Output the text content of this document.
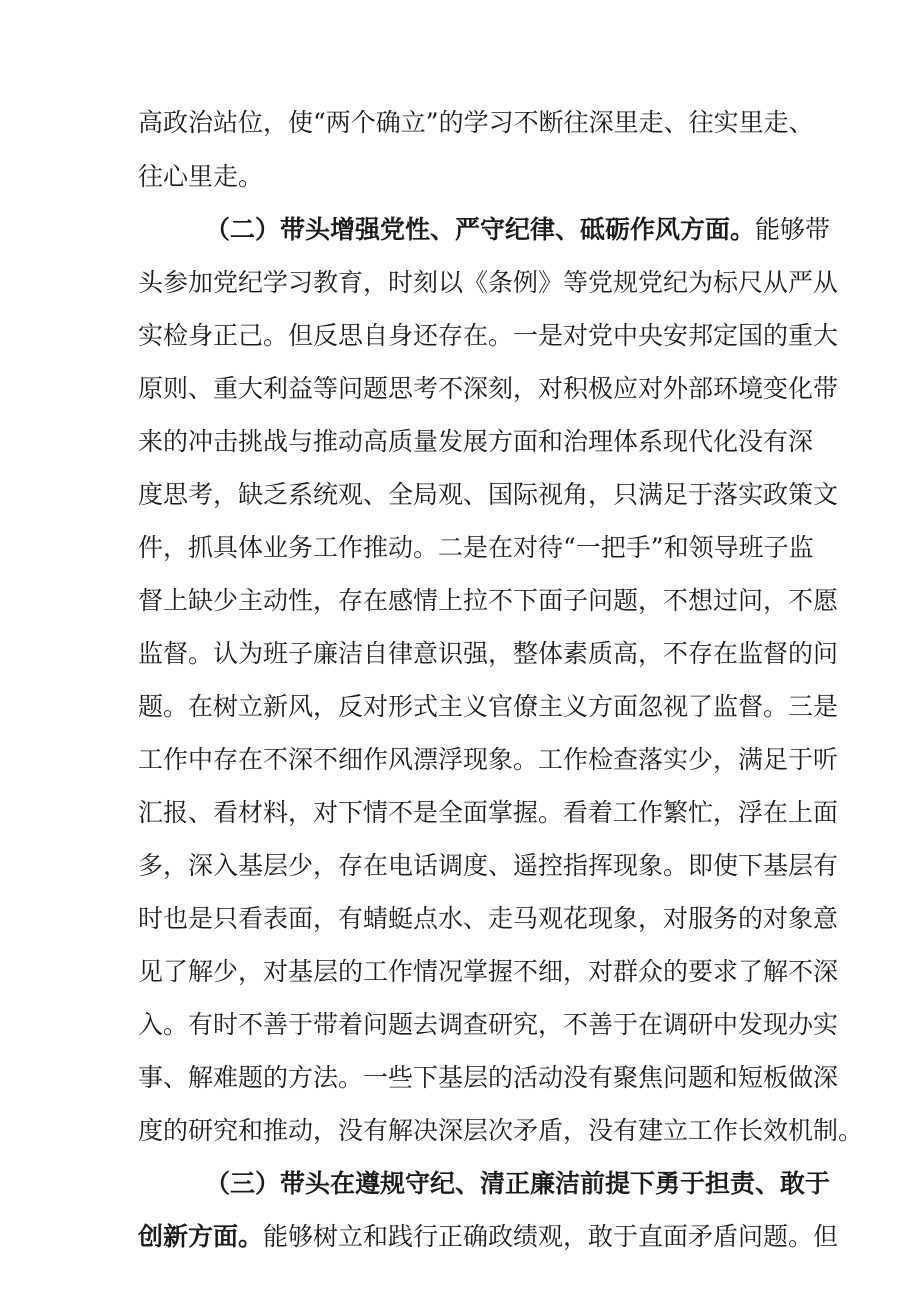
高政治站位，使“两个确立”的学习不断往深里走、往实里走、
往心里走。
（二）带头增强党性、严守纪律、砥砺作风方面。能够带
头参加党纪学习教育，时刻以《条例》等党规党纪为标尺从严从
实检身正己。但反思自身还存在。一是对党中央安邦定国的重大
原则、重大利益等问题思考不深刻，对积极应对外部环境变化带
来的冲击挑战与推动高质量发展方面和治理体系现代化没有深
度思考，缺乏系统观、全局观、国际视角，只满足于落实政策文
件，抓具体业务工作推动。二是在对待“一把手”和领导班子监
督上缺少主动性，存在感情上拉不下面子问题，不想过问，不愿
监督。认为班子廉洁自律意识强，整体素质高，不存在监督的问
题。在树立新风，反对形式主义官僚主义方面忽视了监督。三是
工作中存在不深不细作风漂浮现象。工作检查落实少，满足于听
汇报、看材料，对下情不是全面掌握。看着工作繁忙，浮在上面
多，深入基层少，存在电话调度、遥控指挥现象。即使下基层有
时也是只看表面，有蜻蜓点水、走马观花现象，对服务的对象意
见了解少，对基层的工作情况掌握不细，对群众的要求了解不深
入。有时不善于带着问题去调查研究，不善于在调研中发现办实
事、解难题的方法。一些下基层的活动没有聚焦问题和短板做深
度的研究和推动，没有解决深层次矛盾，没有建立工作长效机制。
（三）带头在遵规守纪、清正廉洁前提下勇于担责、敢于
创新方面。能够树立和践行正确政绩观，敢于直面矛盾问题。但
